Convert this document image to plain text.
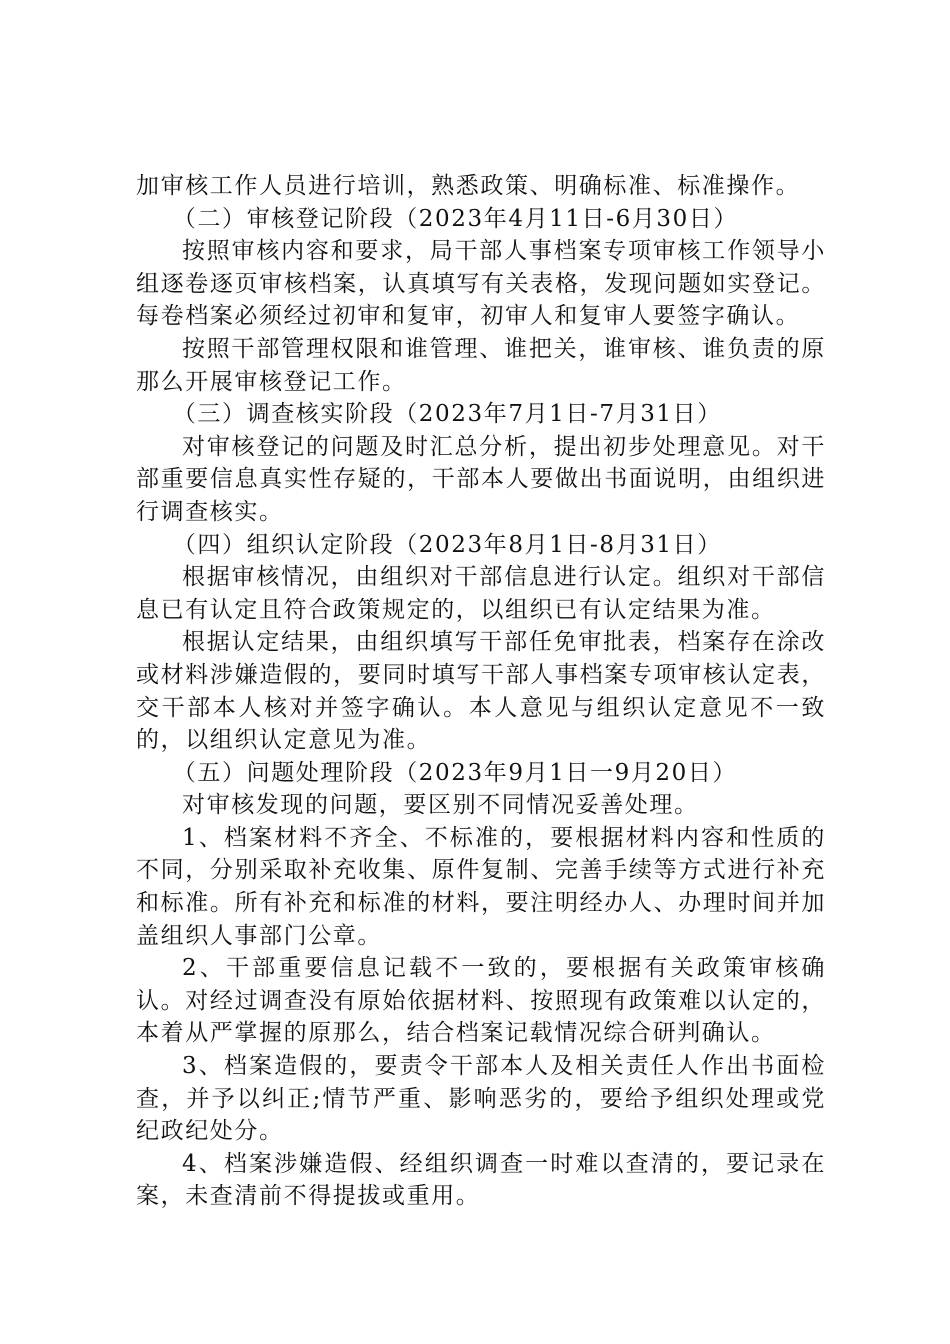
加审核工作人员进行培训，熟悉政策、明确标准、标准操作。

（二）审核登记阶段（2023年4月11日-6月30日）

按照审核内容和要求，局干部人事档案专项审核工作领导小组逐卷逐页审核档案，认真填写有关表格，发现问题如实登记。每卷档案必须经过初审和复审，初审人和复审人要签字确认。

按照干部管理权限和谁管理、谁把关，谁审核、谁负责的原那么开展审核登记工作。

（三）调查核实阶段（2023年7月1日-7月31日）

对审核登记的问题及时汇总分析，提出初步处理意见。对干部重要信息真实性存疑的，干部本人要做出书面说明，由组织进行调查核实。

（四）组织认定阶段（2023年8月1日-8月31日）

根据审核情况，由组织对干部信息进行认定。组织对干部信息已有认定且符合政策规定的，以组织已有认定结果为准。

根据认定结果，由组织填写干部任免审批表，档案存在涂改或材料涉嫌造假的，要同时填写干部人事档案专项审核认定表，交干部本人核对并签字确认。本人意见与组织认定意见不一致的，以组织认定意见为准。

（五）问题处理阶段（2023年9月1日一9月20日）

对审核发现的问题，要区别不同情况妥善处理。

1、档案材料不齐全、不标准的，要根据材料内容和性质的不同，分别采取补充收集、原件复制、完善手续等方式进行补充和标准。所有补充和标准的材料，要注明经办人、办理时间并加盖组织人事部门公章。

2、干部重要信息记载不一致的，要根据有关政策审核确认。对经过调查没有原始依据材料、按照现有政策难以认定的，本着从严掌握的原那么，结合档案记载情况综合研判确认。

3、档案造假的，要责令干部本人及相关责任人作出书面检查，并予以纠正;情节严重、影响恶劣的，要给予组织处理或党纪政纪处分。

4、档案涉嫌造假、经组织调查一时难以查清的，要记录在案，未查清前不得提拔或重用。
